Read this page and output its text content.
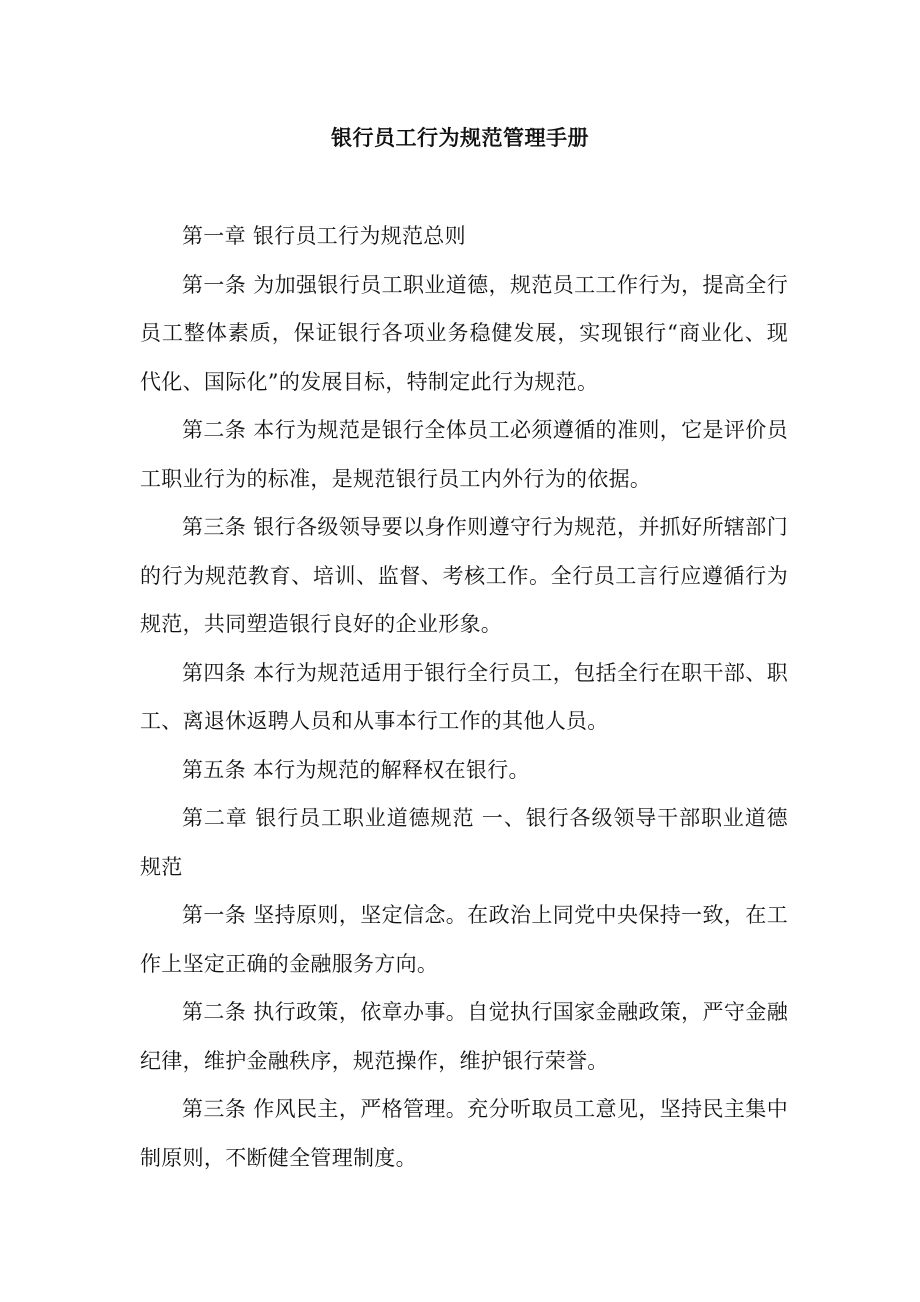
银行员工行为规范管理手册

第一章 银行员工行为规范总则

第一条 为加强银行员工职业道德，规范员工工作行为，提高全行员工整体素质，保证银行各项业务稳健发展，实现银行“商业化、现代化、国际化”的发展目标，特制定此行为规范。

第二条 本行为规范是银行全体员工必须遵循的准则，它是评价员工职业行为的标准，是规范银行员工内外行为的依据。

第三条 银行各级领导要以身作则遵守行为规范，并抓好所辖部门的行为规范教育、培训、监督、考核工作。全行员工言行应遵循行为规范，共同塑造银行良好的企业形象。

第四条 本行为规范适用于银行全行员工，包括全行在职干部、职工、离退休返聘人员和从事本行工作的其他人员。

第五条 本行为规范的解释权在银行。

第二章 银行员工职业道德规范 一、银行各级领导干部职业道德规范

第一条 坚持原则，坚定信念。在政治上同党中央保持一致，在工作上坚定正确的金融服务方向。

第二条 执行政策，依章办事。自觉执行国家金融政策，严守金融纪律，维护金融秩序，规范操作，维护银行荣誉。

第三条 作风民主，严格管理。充分听取员工意见，坚持民主集中制原则，不断健全管理制度。
